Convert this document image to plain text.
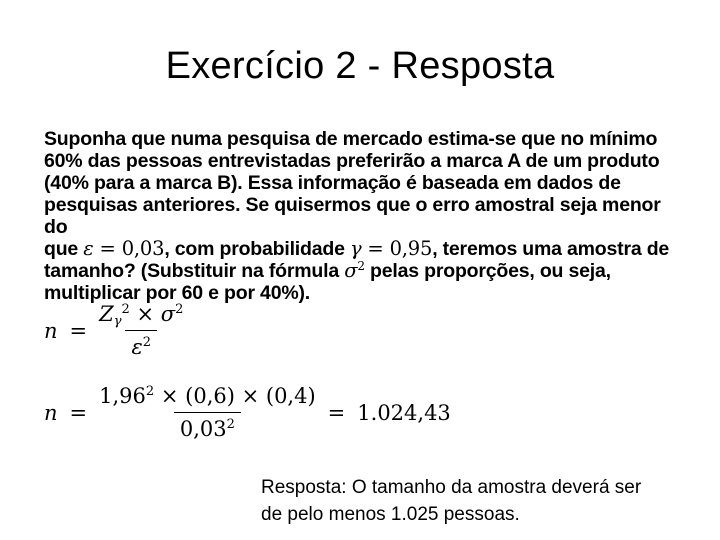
Exercício 2 - Resposta
Suponha que numa pesquisa de mercado estima-se que no mínimo
60% das pessoas entrevistadas preferirão a marca A de um produto
(40% para a marca B). Essa informação é baseada em dados de
pesquisas anteriores. Se quisermos que o erro amostral seja menor do
que ε = 0,03, com probabilidade γ = 0,95, teremos uma amostra de
tamanho? (Substituir na fórmula $\sigma^2$ pelas proporções, ou seja,
multiplicar por 60 e por 40%).
$n = \frac{Z_\gamma^2 \times \sigma^2}{\varepsilon^2}$
$n = \frac{1,96^2 \times (0,6) \times (0,4)}{0,03^2} = 1.024,43$
Resposta: O tamanho da amostra deverá ser
de pelo menos 1.025 pessoas.
